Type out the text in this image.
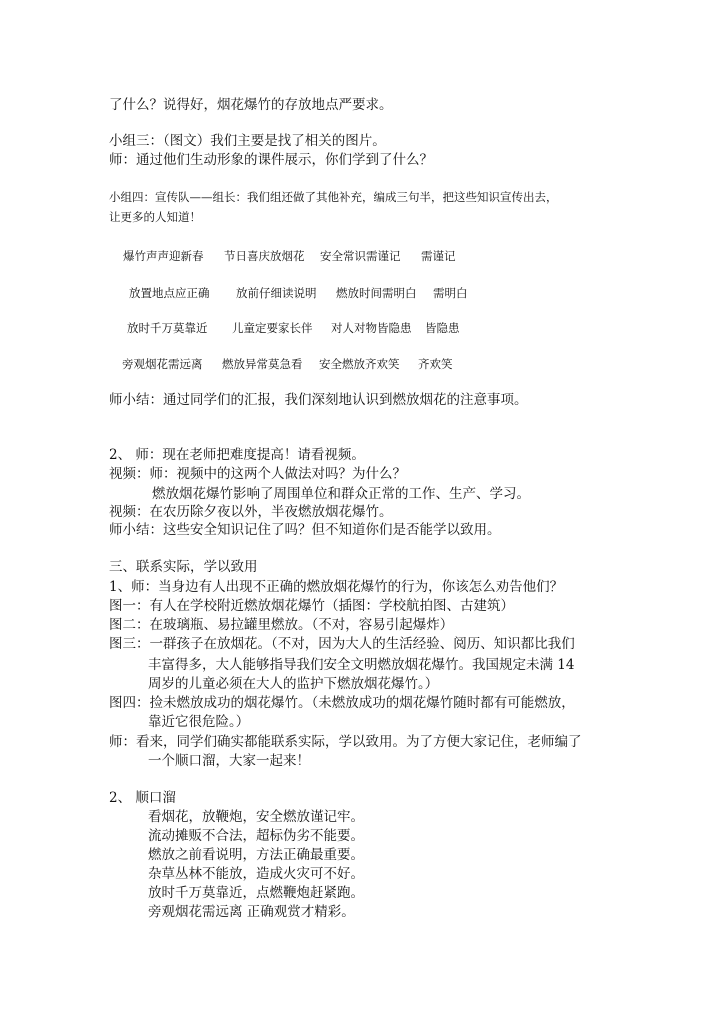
了什么？说得好，烟花爆竹的存放地点严要求。
小组三：（图文）我们主要是找了相关的图片。
师：通过他们生动形象的课件展示，你们学到了什么？
小组四：宣传队——组长：我们组还做了其他补充，编成三句半，把这些知识宣传出去，
让更多的人知道！
爆竹声声迎新春 节日喜庆放烟花 安全常识需谨记 需谨记
放置地点应正确 放前仔细读说明 燃放时间需明白 需明白
放时千万莫靠近 儿童定要家长伴 对人对物皆隐患 皆隐患
旁观烟花需远离 燃放异常莫急看 安全燃放齐欢笑 齐欢笑
师小结：通过同学们的汇报，我们深刻地认识到燃放烟花的注意事项。
2、 师：现在老师把难度提高！请看视频。
视频：师：视频中的这两个人做法对吗？为什么？
燃放烟花爆竹影响了周围单位和群众正常的工作、生产、学习。
视频：在农历除夕夜以外，半夜燃放烟花爆竹。
师小结：这些安全知识记住了吗？但不知道你们是否能学以致用。
三、联系实际，学以致用
1、师：当身边有人出现不正确的燃放烟花爆竹的行为，你该怎么劝告他们？
图一：有人在学校附近燃放烟花爆竹（插图：学校航拍图、古建筑）
图二：在玻璃瓶、易拉罐里燃放。（不对，容易引起爆炸）
图三：一群孩子在放烟花。（不对，因为大人的生活经验、阅历、知识都比我们
丰富得多，大人能够指导我们安全文明燃放烟花爆竹。我国规定未满 14
周岁的儿童必须在大人的监护下燃放烟花爆竹。）
图四：捡未燃放成功的烟花爆竹。（未燃放成功的烟花爆竹随时都有可能燃放，
靠近它很危险。）
师：看来，同学们确实都能联系实际，学以致用。为了方便大家记住，老师编了
一个顺口溜，大家一起来！
2、 顺口溜
看烟花，放鞭炮，安全燃放谨记牢。
流动摊贩不合法，超标伪劣不能要。
燃放之前看说明，方法正确最重要。
杂草丛林不能放，造成火灾可不好。
放时千万莫靠近，点燃鞭炮赶紧跑。
旁观烟花需远离 正确观赏才精彩。
